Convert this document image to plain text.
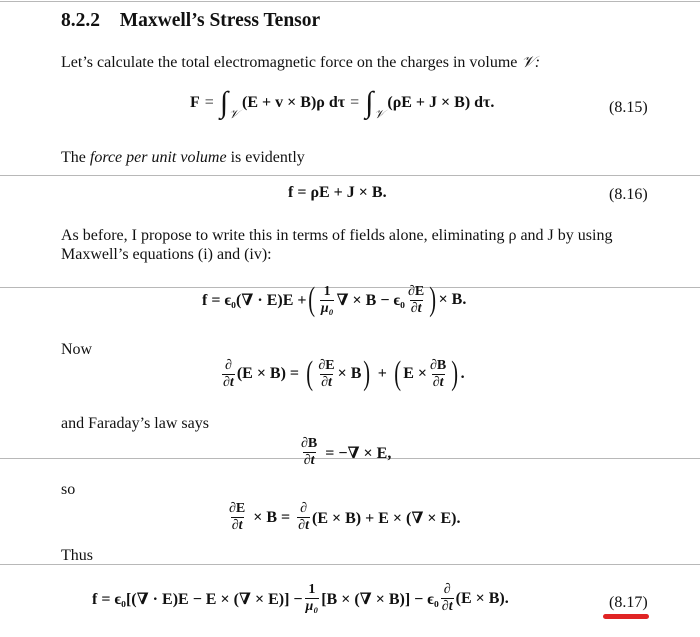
8.2.2 Maxwell’s Stress Tensor
Let’s calculate the total electromagnetic force on the charges in volume 𝒱:
F = ∫ 𝒱
(E + v × B)ρ dτ = ∫ 𝒱
(ρE + J × B) dτ.	(8.15)
The force per unit volume is evidently
f = ρE + J × B.	(8.16)
As before, I propose to write this in terms of fields alone, eliminating ρ and J by using
Maxwell’s equations (i) and (iv):
f = ϵ₀(∇ · E)E + ( $\frac{1}{\text{μ₀}}$ ∇ × $B - \epsilon_0 \frac{\partial E}{\partial t}$ ) × B.
Now
$\frac{\partial}{\partial t} (E \times B)$ = ( $\frac{\partial E}{\partial t} \times B$ ) + ( $E \times \frac{\partial B}{\partial t}$ ) .
and Faraday’s law says
$\frac{\partial B}{\partial t}$ = −∇ × E,
so
$\frac{\partial E}{\partial t} \times B = \frac{\partial}{\partial t} (E \times B) + E$ × (∇ × E).
Thus
f = ϵ₀[(∇ · E)E − E × (∇ × $E)] - \frac{1}{\text{μ₀}} [B$ × (∇ × $B)] - \epsilon_0 \frac{\partial}{\partial t} (E \times B)$.	(8.17)
